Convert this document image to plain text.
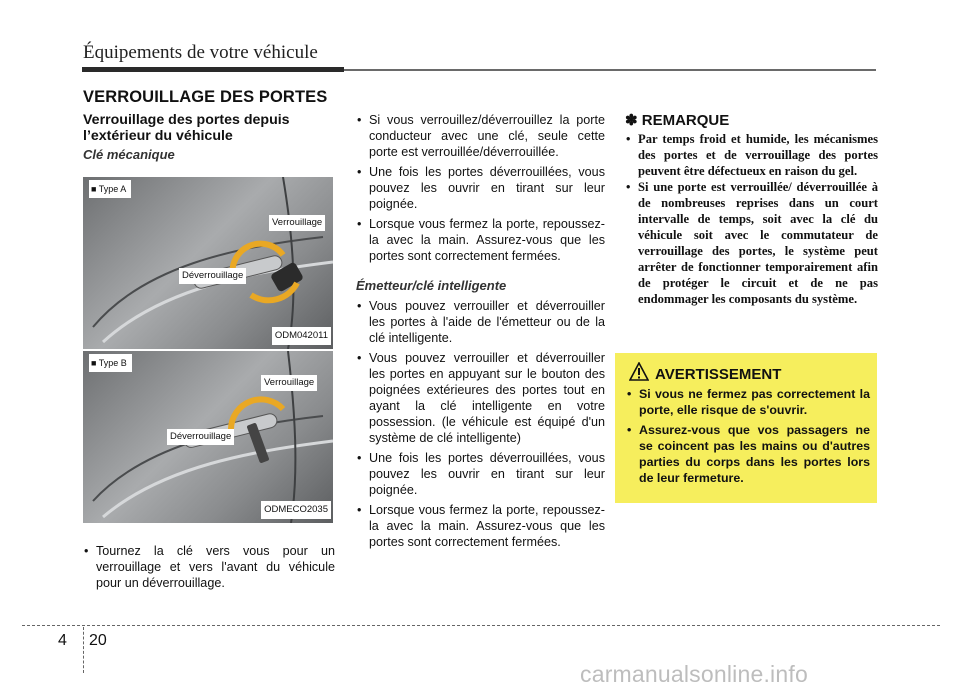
Équipements de votre véhicule
VERROUILLAGE DES PORTES
Verrouillage des portes depuis l’extérieur du véhicule
Clé mécanique
■ Type A
Verrouillage
Déverrouillage
ODM042011
■ Type B
Verrouillage
Déverrouillage
ODMECO2035
• Tournez la clé vers vous pour un verrouillage et vers l'avant du véhicule pour un déverrouillage.
• Si vous verrouillez/déverrouillez la porte conducteur avec une clé, seule cette porte est verrouillée/déverrouillée.
• Une fois les portes déverrouillées, vous pouvez les ouvrir en tirant sur leur poignée.
• Lorsque vous fermez la porte, repoussez-la avec la main. Assurez-vous que les portes sont correctement fermées.
Émetteur/clé intelligente
• Vous pouvez verrouiller et déverrouiller les portes à l'aide de l'émetteur ou de la clé intelligente.
• Vous pouvez verrouiller et déverrouiller les portes en appuyant sur le bouton des poignées extérieures des portes tout en ayant la clé intelligente en votre possession. (le véhicule est équipé d'un système de clé intelligente)
• Une fois les portes déverrouillées, vous pouvez les ouvrir en tirant sur leur poignée.
• Lorsque vous fermez la porte, repoussez-la avec la main. Assurez-vous que les portes sont correctement fermées.
✽ REMARQUE
• Par temps froid et humide, les mécanismes des portes et de verrouillage des portes peuvent être défectueux en raison du gel.
• Si une porte est verrouillée/ déverrouillée à de nombreuses reprises dans un court intervalle de temps, soit avec la clé du véhicule soit avec le commutateur de verrouillage des portes, le système peut arrêter de fonctionner temporairement afin de protéger le circuit et de ne pas endommager les composants du système.
AVERTISSEMENT
• Si vous ne fermez pas correctement la porte, elle risque de s'ouvrir.
• Assurez-vous que vos passagers ne se coincent pas les mains ou d'autres parties du corps dans les portes lors de leur fermeture.
4 20
carmanualsonline.info
